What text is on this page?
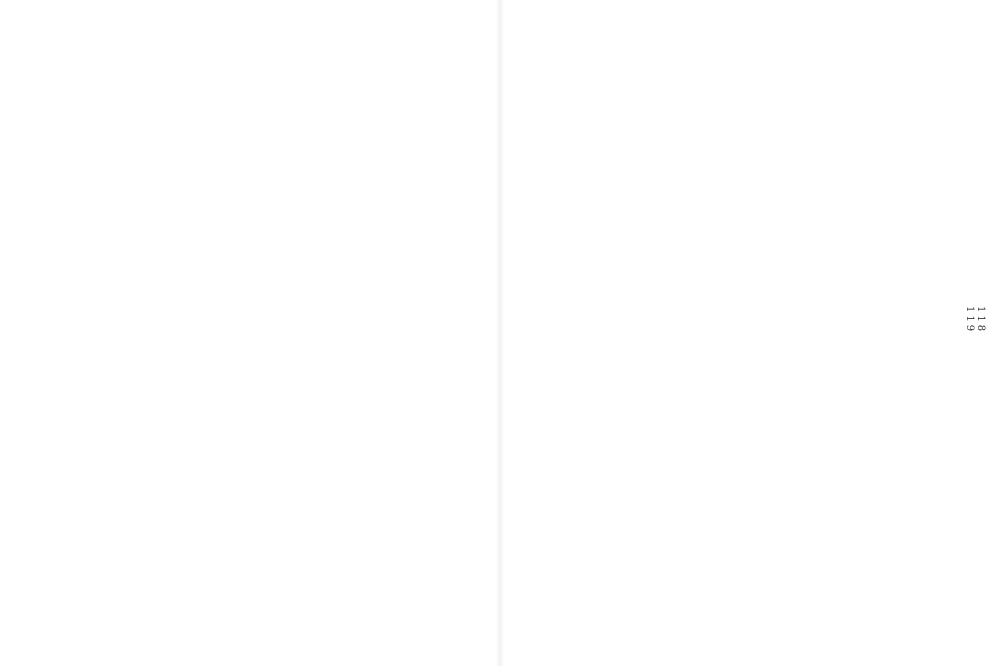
118
119
